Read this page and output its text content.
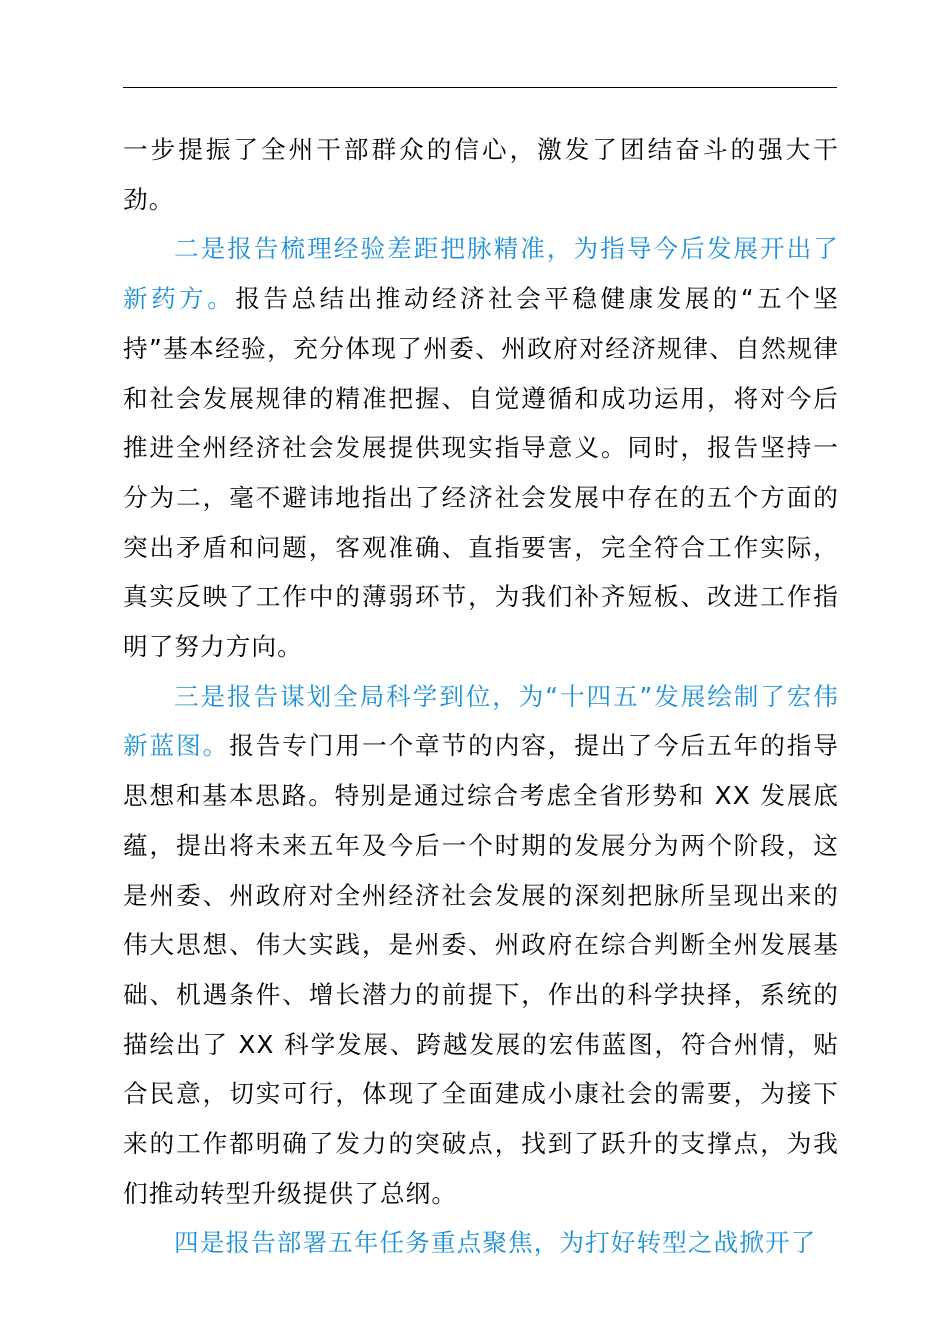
一步提振了全州干部群众的信心，激发了团结奋斗的强大干劲。

二是报告梳理经验差距把脉精准，为指导今后发展开出了新药方。报告总结出推动经济社会平稳健康发展的“五个坚持”基本经验，充分体现了州委、州政府对经济规律、自然规律和社会发展规律的精准把握、自觉遵循和成功运用，将对今后推进全州经济社会发展提供现实指导意义。同时，报告坚持一分为二，毫不避讳地指出了经济社会发展中存在的五个方面的突出矛盾和问题，客观准确、直指要害，完全符合工作实际，真实反映了工作中的薄弱环节，为我们补齐短板、改进工作指明了努力方向。

三是报告谋划全局科学到位，为“十四五”发展绘制了宏伟新蓝图。报告专门用一个章节的内容，提出了今后五年的指导思想和基本思路。特别是通过综合考虑全省形势和 XX 发展底蕴，提出将未来五年及今后一个时期的发展分为两个阶段，这是州委、州政府对全州经济社会发展的深刻把脉所呈现出来的伟大思想、伟大实践，是州委、州政府在综合判断全州发展基础、机遇条件、增长潜力的前提下，作出的科学抉择，系统的描绘出了 XX 科学发展、跨越发展的宏伟蓝图，符合州情，贴合民意，切实可行，体现了全面建成小康社会的需要，为接下来的工作都明确了发力的突破点，找到了跃升的支撑点，为我们推动转型升级提供了总纲。

四是报告部署五年任务重点聚焦，为打好转型之战掀开了
